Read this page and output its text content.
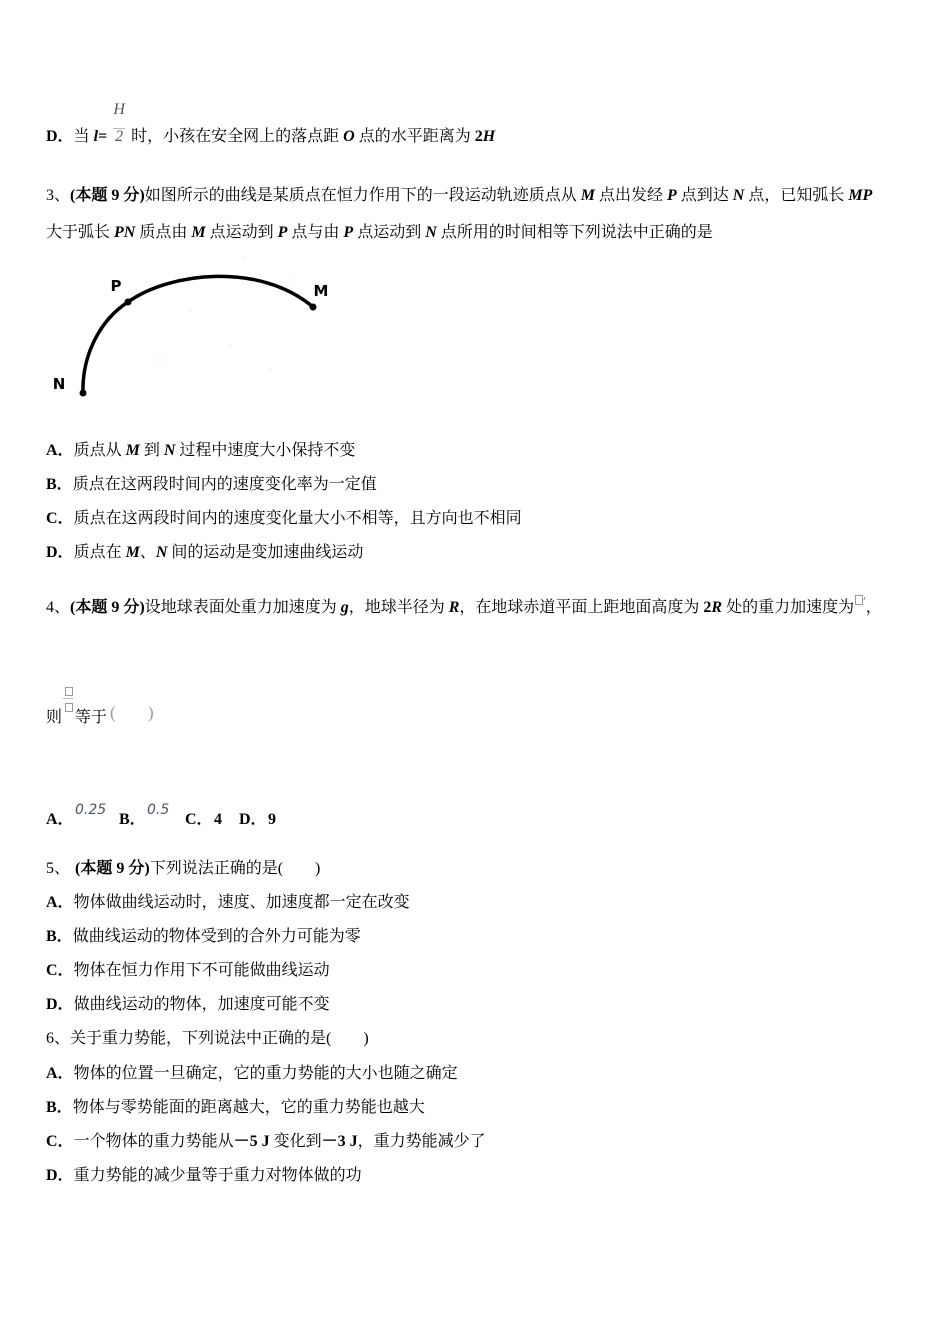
D．当 $l= \frac{H}{2}$ 时，小孩在安全网上的落点距 O 点的水平距离为 2H
3、(本题 9 分)如图所示的曲线是某质点在恒力作用下的一段运动轨迹质点从 M 点出发经 P 点到达 N 点，已知弧长 MP
大于弧长 PN 质点由 M 点运动到 P 点与由 P 点运动到 N 点所用的时间相等下列说法中正确的是
P	M
N
A．质点从 M 到 N 过程中速度大小保持不变
B．质点在这两段时间内的速度变化率为一定值
C．质点在这两段时间内的速度变化量大小不相等，且方向也不相同
D．质点在 M、N 间的运动是变加速曲线运动
4、(本题 9 分)设地球表面处重力加速度为 g，地球半径为 R，在地球赤道平面上距地面高度为 2R 处的重力加速度为 ′，
则 等于 ( )
A．
0.25
B．
0.5
C． 4 D． 9
5、 (本题 9 分)下列说法正确的是(　　)
A．物体做曲线运动时，速度、加速度都一定在改变
B．做曲线运动的物体受到的合外力可能为零
C．物体在恒力作用下不可能做曲线运动
D．做曲线运动的物体，加速度可能不变
6、关于重力势能，下列说法中正确的是(　　)
A．物体的位置一旦确定，它的重力势能的大小也随之确定
B．物体与零势能面的距离越大，它的重力势能也越大
C．一个物体的重力势能从－5 J 变化到－3 J，重力势能减少了
D．重力势能的减少量等于重力对物体做的功
